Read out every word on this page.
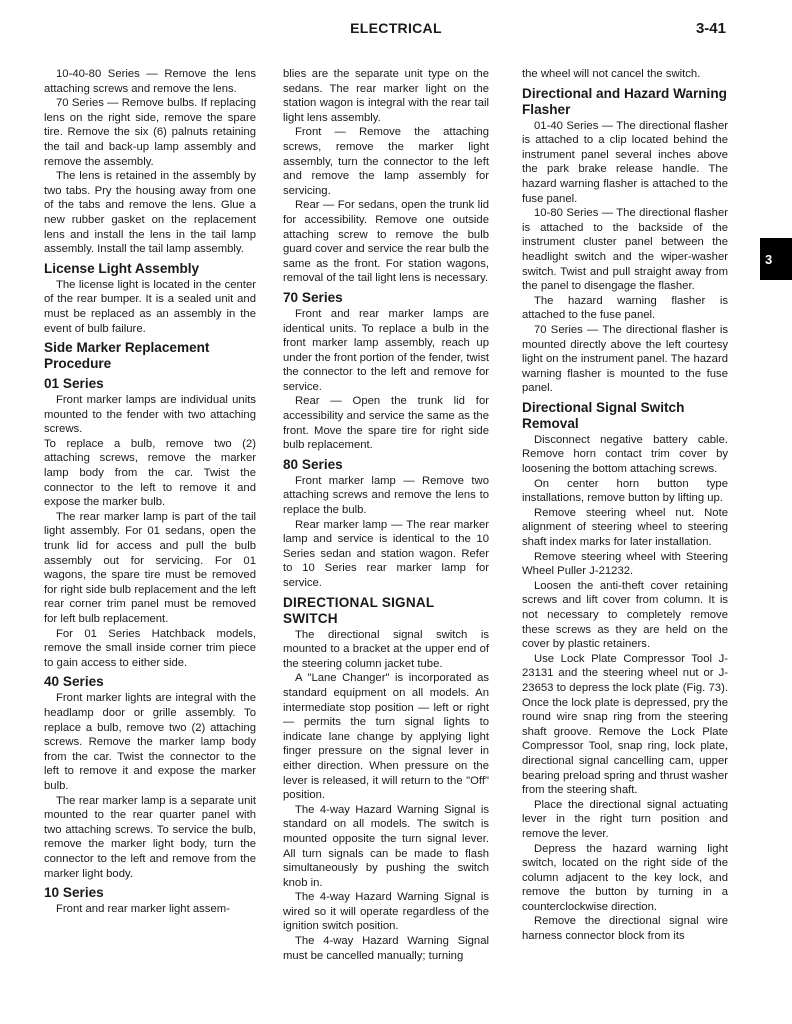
ELECTRICAL	3-41
3

10-40-80 Series — Remove the lens attaching screws and remove the lens.

70 Series — Remove bulbs. If replacing lens on the right side, remove the spare tire. Remove the six (6) palnuts retaining the tail and back-up lamp assembly and remove the assembly.

The lens is retained in the assembly by two tabs. Pry the housing away from one of the tabs and remove the lens. Glue a new rubber gasket on the replacement lens and install the lens in the tail lamp assembly. Install the tail lamp assembly.

License Light Assembly

The license light is located in the center of the rear bumper. It is a sealed unit and must be replaced as an assembly in the event of bulb failure.

Side Marker Replacement Procedure
01 Series

Front marker lamps are individual units mounted to the fender with two attaching screws.

To replace a bulb, remove two (2) attaching screws, remove the marker lamp body from the car. Twist the connector to the left to remove it and expose the marker bulb.

The rear marker lamp is part of the tail light assembly. For 01 sedans, open the trunk lid for access and pull the bulb assembly out for servicing. For 01 wagons, the spare tire must be removed for right side bulb replacement and the left rear corner trim panel must be removed for left bulb replacement.

For 01 Series Hatchback models, remove the small inside corner trim piece to gain access to either side.

40 Series

Front marker lights are integral with the headlamp door or grille assembly. To replace a bulb, remove two (2) attaching screws. Remove the marker lamp body from the car. Twist the connector to the left to remove it and expose the marker bulb.

The rear marker lamp is a separate unit mounted to the rear quarter panel with two attaching screws. To service the bulb, remove the marker light body, turn the connector to the left and remove from the marker light body.

10 Series

Front and rear marker light assem-

blies are the separate unit type on the sedans. The rear marker light on the station wagon is integral with the rear tail light lens assembly.

Front — Remove the attaching screws, remove the marker light assembly, turn the connector to the left and remove the lamp assembly for servicing.

Rear — For sedans, open the trunk lid for accessibility. Remove one outside attaching screw to remove the bulb guard cover and service the rear bulb the same as the front. For station wagons, removal of the tail light lens is necessary.

70 Series

Front and rear marker lamps are identical units. To replace a bulb in the front marker lamp assembly, reach up under the front portion of the fender, twist the connector to the left and remove for service.

Rear — Open the trunk lid for accessibility and service the same as the front. Move the spare tire for right side bulb replacement.

80 Series

Front marker lamp — Remove two attaching screws and remove the lens to replace the bulb.

Rear marker lamp — The rear marker lamp and service is identical to the 10 Series sedan and station wagon. Refer to 10 Series rear marker lamp for service.

DIRECTIONAL SIGNAL SWITCH

The directional signal switch is mounted to a bracket at the upper end of the steering column jacket tube.

A "Lane Changer" is incorporated as standard equipment on all models. An intermediate stop position — left or right — permits the turn signal lights to indicate lane change by applying light finger pressure on the signal lever in either direction. When pressure on the lever is released, it will return to the "Off" position.

The 4-way Hazard Warning Signal is standard on all models. The switch is mounted opposite the turn signal lever. All turn signals can be made to flash simultaneously by pushing the switch knob in.

The 4-way Hazard Warning Signal is wired so it will operate regardless of the ignition switch position.

The 4-way Hazard Warning Signal must be cancelled manually; turning

the wheel will not cancel the switch.

Directional and Hazard Warning Flasher

01-40 Series — The directional flasher is attached to a clip located behind the instrument panel several inches above the park brake release handle. The hazard warning flasher is attached to the fuse panel.

10-80 Series — The directional flasher is attached to the backside of the instrument cluster panel between the headlight switch and the wiper-washer switch. Twist and pull straight away from the panel to disengage the flasher.

The hazard warning flasher is attached to the fuse panel.

70 Series — The directional flasher is mounted directly above the left courtesy light on the instrument panel. The hazard warning flasher is mounted to the fuse panel.

Directional Signal Switch Removal

Disconnect negative battery cable. Remove horn contact trim cover by loosening the bottom attaching screws.

On center horn button type installations, remove button by lifting up.

Remove steering wheel nut. Note alignment of steering wheel to steering shaft index marks for later installation.

Remove steering wheel with Steering Wheel Puller J-21232.

Loosen the anti-theft cover retaining screws and lift cover from column. It is not necessary to completely remove these screws as they are held on the cover by plastic retainers.

Use Lock Plate Compressor Tool J-23131 and the steering wheel nut or J-23653 to depress the lock plate (Fig. 73). Once the lock plate is depressed, pry the round wire snap ring from the steering shaft groove. Remove the Lock Plate Compressor Tool, snap ring, lock plate, directional signal cancelling cam, upper bearing preload spring and thrust washer from the steering shaft.

Place the directional signal actuating lever in the right turn position and remove the lever.

Depress the hazard warning light switch, located on the right side of the column adjacent to the key lock, and remove the button by turning in a counterclockwise direction.

Remove the directional signal wire harness connector block from its
